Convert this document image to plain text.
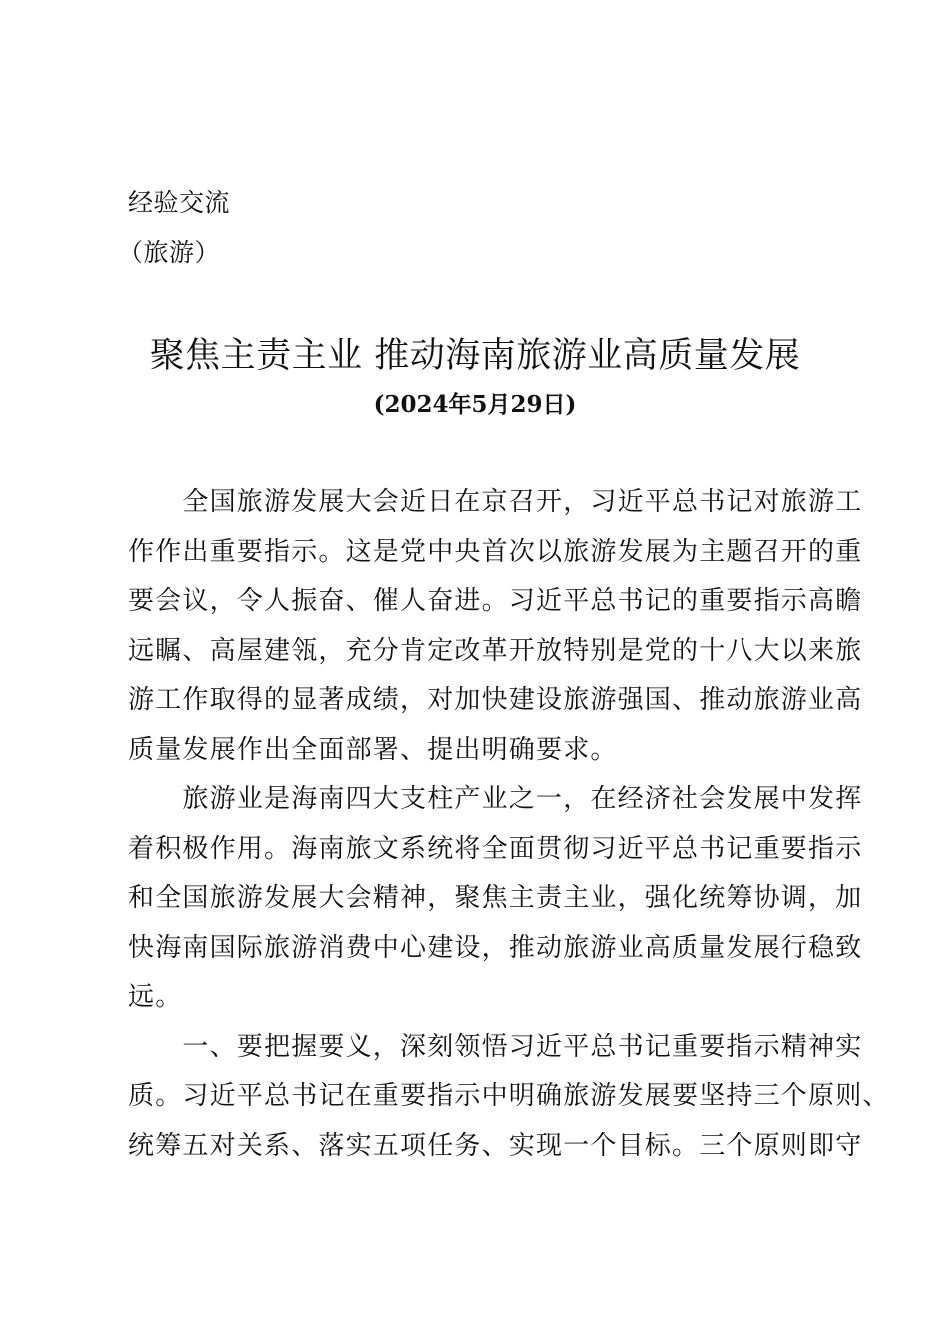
经验交流
（旅游）
聚焦主责主业 推动海南旅游业高质量发展
(2024年5月29日)
　　全国旅游发展大会近日在京召开，习近平总书记对旅游工
作作出重要指示。这是党中央首次以旅游发展为主题召开的重
要会议，令人振奋、催人奋进。习近平总书记的重要指示高瞻
远瞩、高屋建瓴，充分肯定改革开放特别是党的十八大以来旅
游工作取得的显著成绩，对加快建设旅游强国、推动旅游业高
质量发展作出全面部署、提出明确要求。
　　旅游业是海南四大支柱产业之一，在经济社会发展中发挥
着积极作用。海南旅文系统将全面贯彻习近平总书记重要指示
和全国旅游发展大会精神，聚焦主责主业，强化统筹协调，加
快海南国际旅游消费中心建设，推动旅游业高质量发展行稳致
远。
　　一、要把握要义，深刻领悟习近平总书记重要指示精神实
质。习近平总书记在重要指示中明确旅游发展要坚持三个原则、
统筹五对关系、落实五项任务、实现一个目标。三个原则即守
